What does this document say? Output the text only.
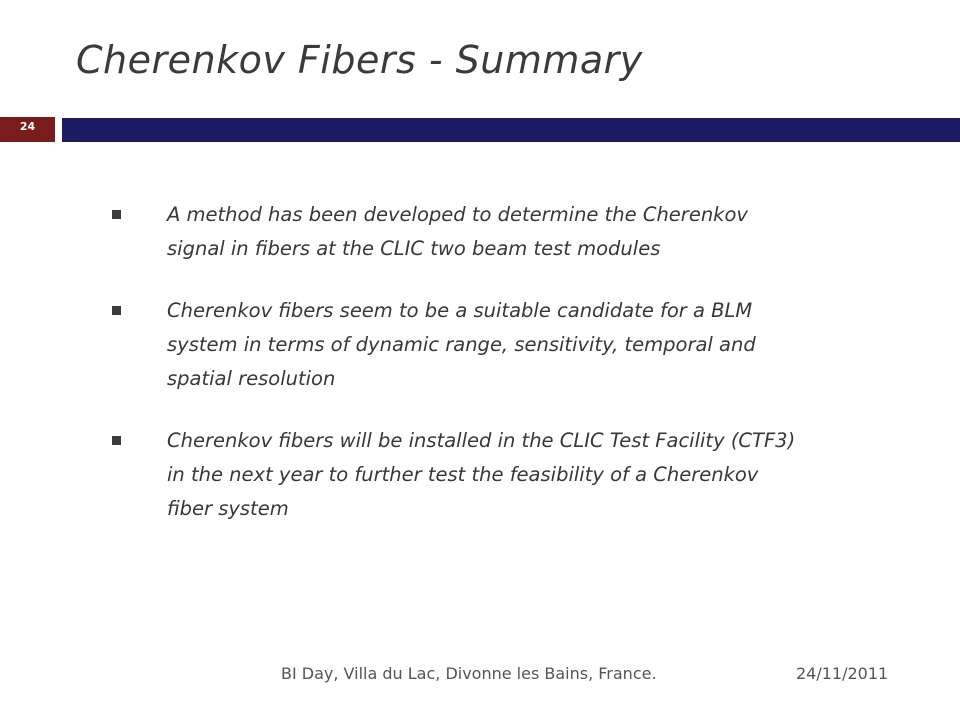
Cherenkov Fibers - Summary
24
A method has been developed to determine the Cherenkov signal in fibers at the CLIC two beam test modules
Cherenkov fibers seem to be a suitable candidate for a BLM system in terms of dynamic range, sensitivity, temporal and spatial resolution
Cherenkov fibers will be installed in the CLIC Test Facility (CTF3) in the next year to further test the feasibility of a Cherenkov fiber system
BI Day, Villa du Lac, Divonne les Bains, France.	24/11/2011
